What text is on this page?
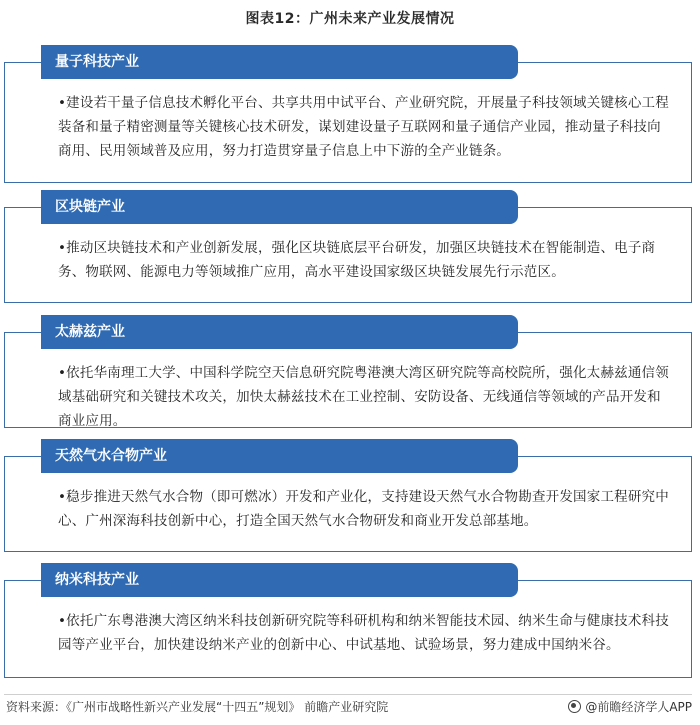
图表12：广州未来产业发展情况
量子科技产业
•建设若干量子信息技术孵化平台、共享共用中试平台、产业研究院，开展量子科技领域关键核心工程装备和量子精密测量等关键核心技术研发，谋划建设量子互联网和量子通信产业园，推动量子科技向商用、民用领域普及应用，努力打造贯穿量子信息上中下游的全产业链条。
区块链产业
•推动区块链技术和产业创新发展，强化区块链底层平台研发，加强区块链技术在智能制造、电子商务、物联网、能源电力等领域推广应用，高水平建设国家级区块链发展先行示范区。
太赫兹产业
•依托华南理工大学、中国科学院空天信息研究院粤港澳大湾区研究院等高校院所，强化太赫兹通信领域基础研究和关键技术攻关，加快太赫兹技术在工业控制、安防设备、无线通信等领域的产品开发和商业应用。
天然气水合物产业
•稳步推进天然气水合物（即可燃冰）开发和产业化，支持建设天然气水合物勘查开发国家工程研究中心、广州深海科技创新中心，打造全国天然气水合物研发和商业开发总部基地。
纳米科技产业
•依托广东粤港澳大湾区纳米科技创新研究院等科研机构和纳米智能技术园、纳米生命与健康技术科技园等产业平台，加快建设纳米产业的创新中心、中试基地、试验场景，努力建成中国纳米谷。
资料来源：《广州市战略性新兴产业发展“十四五”规划》 前瞻产业研究院	@前瞻经济学人APP
